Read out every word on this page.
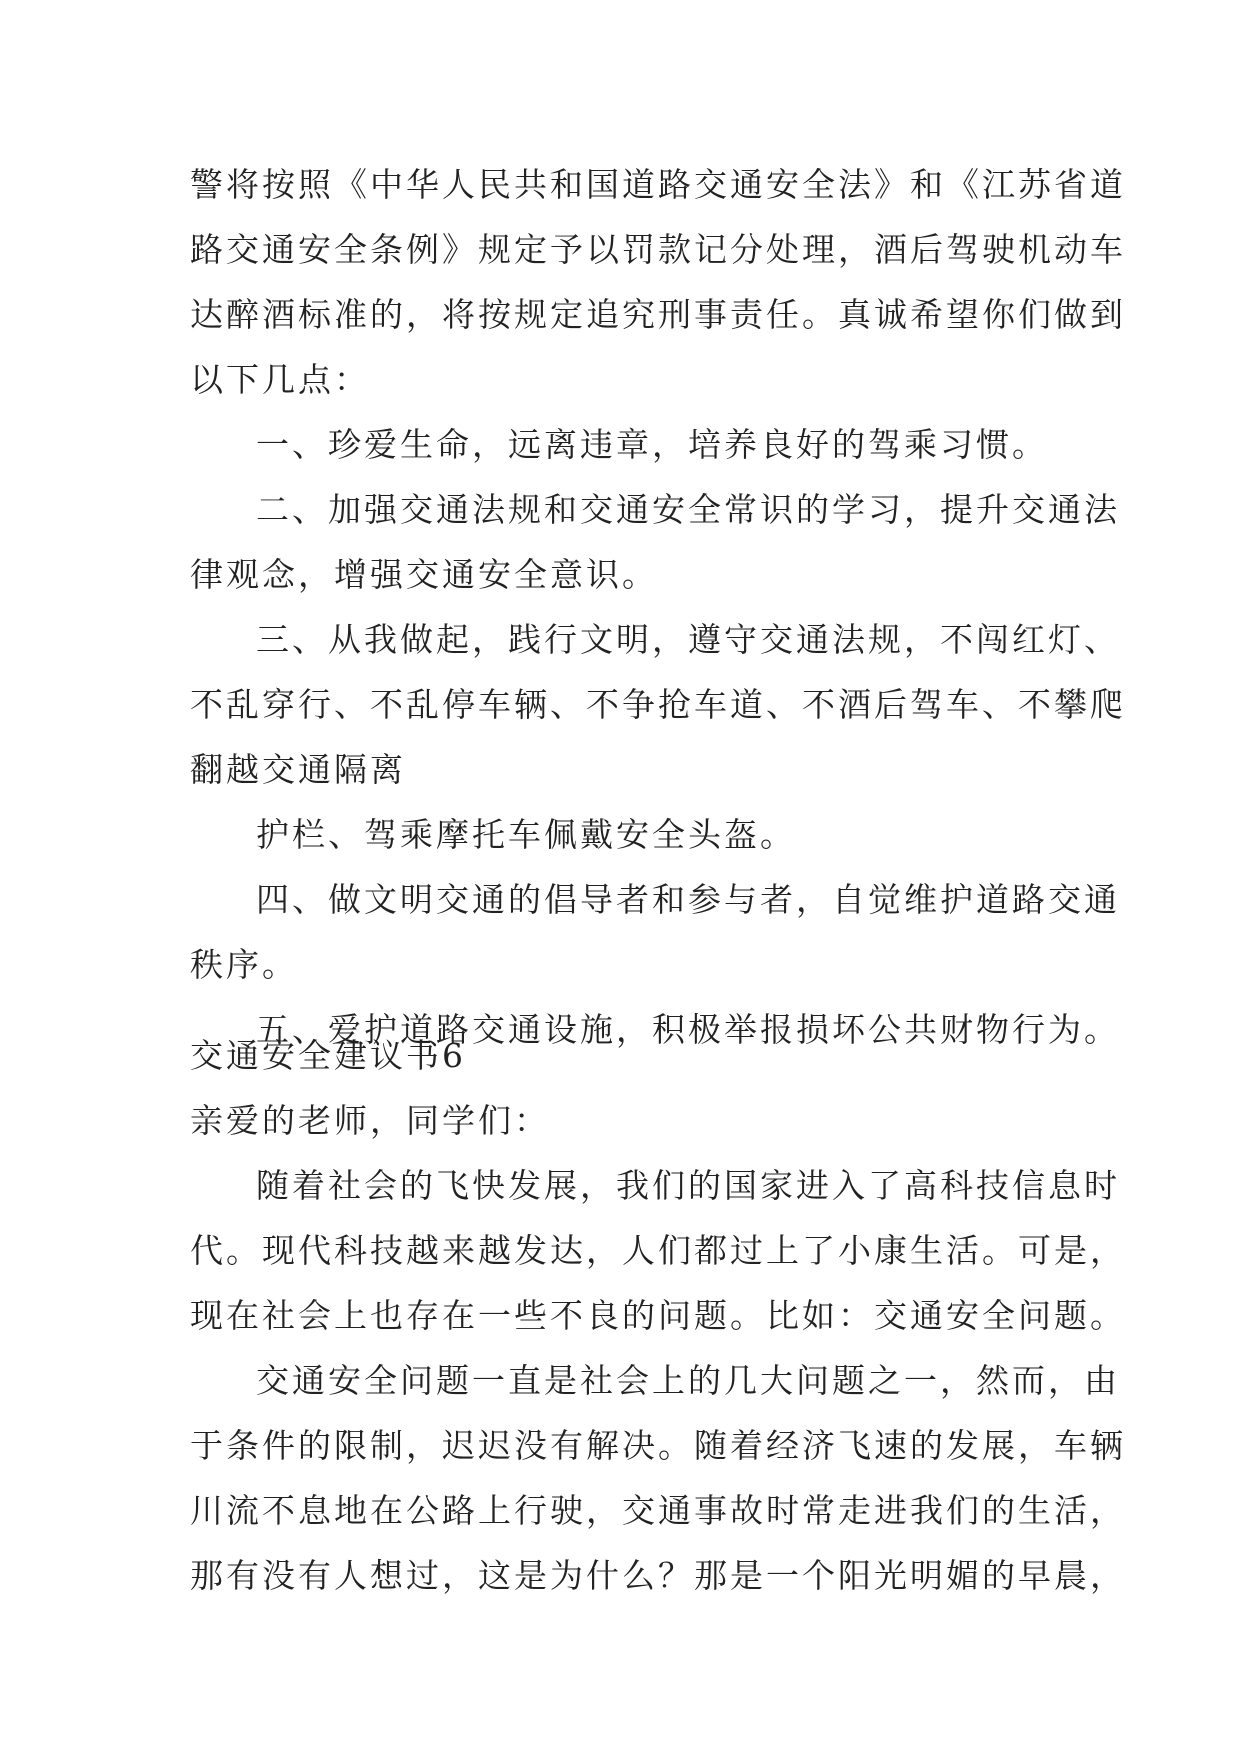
警将按照《中华人民共和国道路交通安全法》和《江苏省道
路交通安全条例》规定予以罚款记分处理，酒后驾驶机动车
达醉酒标准的，将按规定追究刑事责任。真诚希望你们做到
以下几点：
一、珍爱生命，远离违章，培养良好的驾乘习惯。
二、加强交通法规和交通安全常识的学习，提升交通法
律观念，增强交通安全意识。
三、从我做起，践行文明，遵守交通法规，不闯红灯、
不乱穿行、不乱停车辆、不争抢车道、不酒后驾车、不攀爬
翻越交通隔离
护栏、驾乘摩托车佩戴安全头盔。
四、做文明交通的倡导者和参与者，自觉维护道路交通
秩序。
五、爱护道路交通设施，积极举报损坏公共财物行为。
交通安全建议书6
亲爱的老师，同学们：
随着社会的飞快发展，我们的国家进入了高科技信息时
代。现代科技越来越发达，人们都过上了小康生活。可是，
现在社会上也存在一些不良的问题。比如：交通安全问题。
交通安全问题一直是社会上的几大问题之一，然而，由
于条件的限制，迟迟没有解决。随着经济飞速的发展，车辆
川流不息地在公路上行驶，交通事故时常走进我们的生活，
那有没有人想过，这是为什么？那是一个阳光明媚的早晨，
